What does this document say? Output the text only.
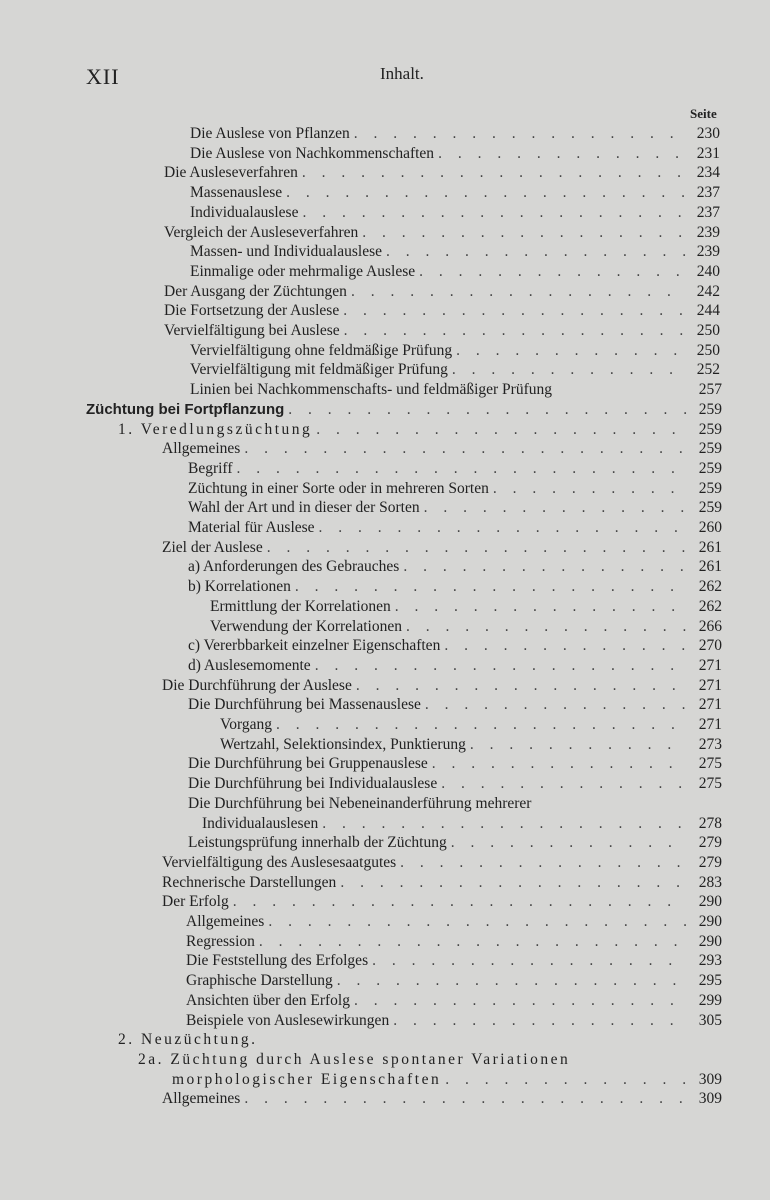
XII	Inhalt.
Seite
Die Auslese von Pflanzen . . .	230
Die Auslese von Nachkommenschaften . . .	231
Die Ausleseverfahren . . .	234
Massenauslese . . .	237
Individualauslese . . .	237
Vergleich der Ausleseverfahren . . .	239
Massen- und Individualauslese . . .	239
Einmalige oder mehrmalige Auslese . . .	240
Der Ausgang der Züchtungen . . .	242
Die Fortsetzung der Auslese . . .	244
Vervielfältigung bei Auslese . . .	250
Vervielfältigung ohne feldmäßige Prüfung . . .	250
Vervielfältigung mit feldmäßiger Prüfung . . .	252
Linien bei Nachkommenschafts- und feldmäßiger Prüfung	257
Züchtung bei Fortpflanzung . . .	259
1. Veredlungszüchtung . . .	259
Allgemeines . . .	259
Begriff . . .	259
Züchtung in einer Sorte oder in mehreren Sorten . . .	259
Wahl der Art und in dieser der Sorten . . .	259
Material für Auslese . . .	260
Ziel der Auslese . . .	261
a) Anforderungen des Gebrauches . . .	261
b) Korrelationen . . .	262
Ermittlung der Korrelationen . . .	262
Verwendung der Korrelationen . . .	266
c) Vererbbarkeit einzelner Eigenschaften . . .	270
d) Auslesemomente . . .	271
Die Durchführung der Auslese . . .	271
Die Durchführung bei Massenauslese . . .	271
Vorgang . . .	271
Wertzahl, Selektionsindex, Punktierung . . .	273
Die Durchführung bei Gruppenauslese . . .	275
Die Durchführung bei Individualauslese . . .	275
Die Durchführung bei Nebeneinanderführung mehrerer
Individualauslesen . . .	278
Leistungsprüfung innerhalb der Züchtung . . .	279
Vervielfältigung des Auslesesaatgutes . . .	279
Rechnerische Darstellungen . . .	283
Der Erfolg . . .	290
Allgemeines . . .	290
Regression . . .	290
Die Feststellung des Erfolges . . .	293
Graphische Darstellung . . .	295
Ansichten über den Erfolg . . .	299
Beispiele von Auslesewirkungen . . .	305
2. Neuzüchtung.
2a. Züchtung durch Auslese spontaner Variationen
morphologischer Eigenschaften . . .	309
Allgemeines . . .	309
